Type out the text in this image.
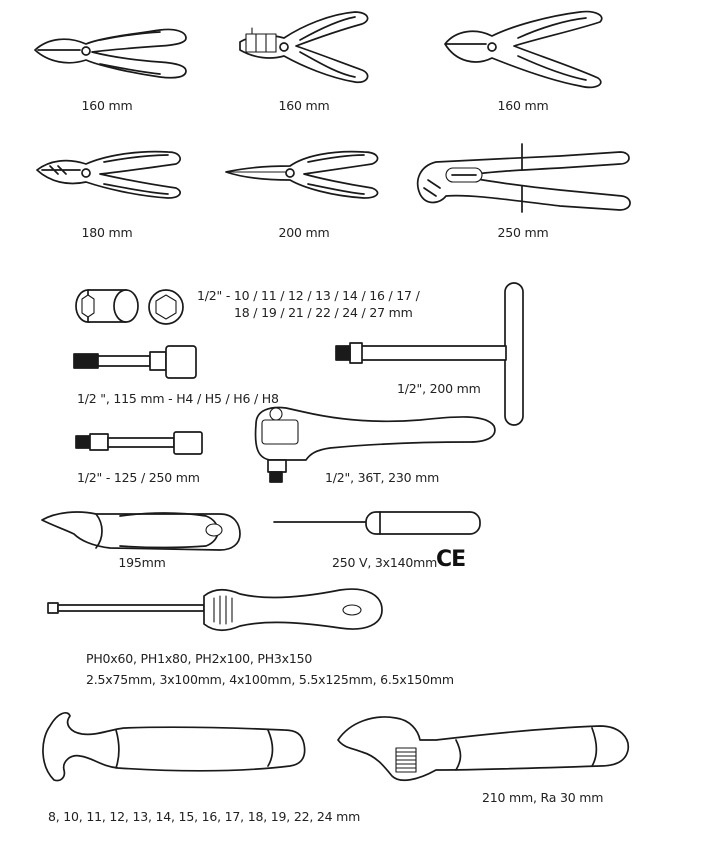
160 mm	160 mm	160 mm
180 mm	200 mm	250 mm
1/2" - 10 / 11 / 12 / 13 / 14 / 16 / 17 /
18 / 19 / 21 / 22 / 24 / 27 mm
1/2", 200 mm
1/2 ", 115 mm - H4 / H5 / H6 / H8
1/2" - 125 / 250 mm	1/2", 36T, 230 mm
195mm	250 V, 3x140mm
CE
PH0x60, PH1x80, PH2x100, PH3x150
2.5x75mm, 3x100mm, 4x100mm, 5.5x125mm, 6.5x150mm
8, 10, 11, 12, 13, 14, 15, 16, 17, 18, 19, 22, 24 mm
210 mm, Ra 30 mm
